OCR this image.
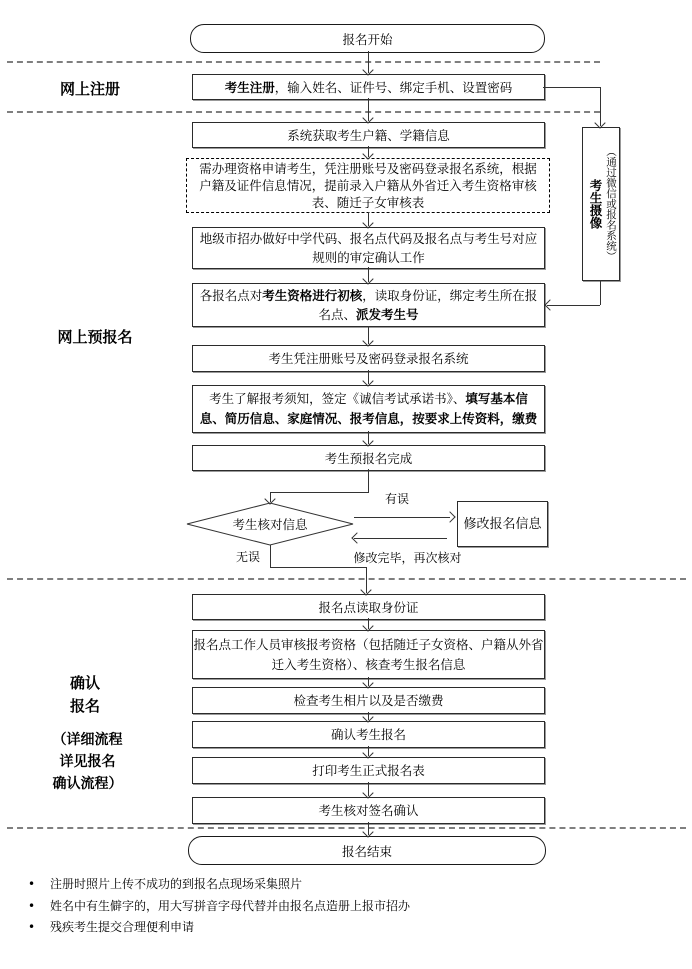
网上注册
网上预报名
确认
报名
（详细流程
详见报名
确认流程）
报名开始
考生注册，输入姓名、证件号、绑定手机、设置密码
系统获取考生户籍、学籍信息
需办理资格申请考生，凭注册账号及密码登录报名系统，根据
户籍及证件信息情况，提前录入户籍从外省迁入考生资格审核
表、随迁子女审核表
地级市招办做好中学代码、报名点代码及报名点与考生号对应
规则的审定确认工作
各报名点对考生资格进行初核，读取身份证，绑定考生所在报
名点、派发考生号
考生凭注册账号及密码登录报名系统
考生了解报考须知，签定《诚信考试承诺书》、填写基本信
息、简历信息、家庭情况、报考信息，按要求上传资料，缴费
考生预报名完成
考生核对信息	修改报名信息
有误
无误	修改完毕，再次核对
（通过微信或报名系统）
考生摄像
报名点读取身份证
报名点工作人员审核报考资格（包括随迁子女资格、户籍从外省
迁入考生资格）、核查考生报名信息
检查考生相片以及是否缴费
确认考生报名
打印考生正式报名表
考生核对签名确认
报名结束
•	注册时照片上传不成功的到报名点现场采集照片
•	姓名中有生僻字的，用大写拼音字母代替并由报名点造册上报市招办
•	残疾考生提交合理便利申请
